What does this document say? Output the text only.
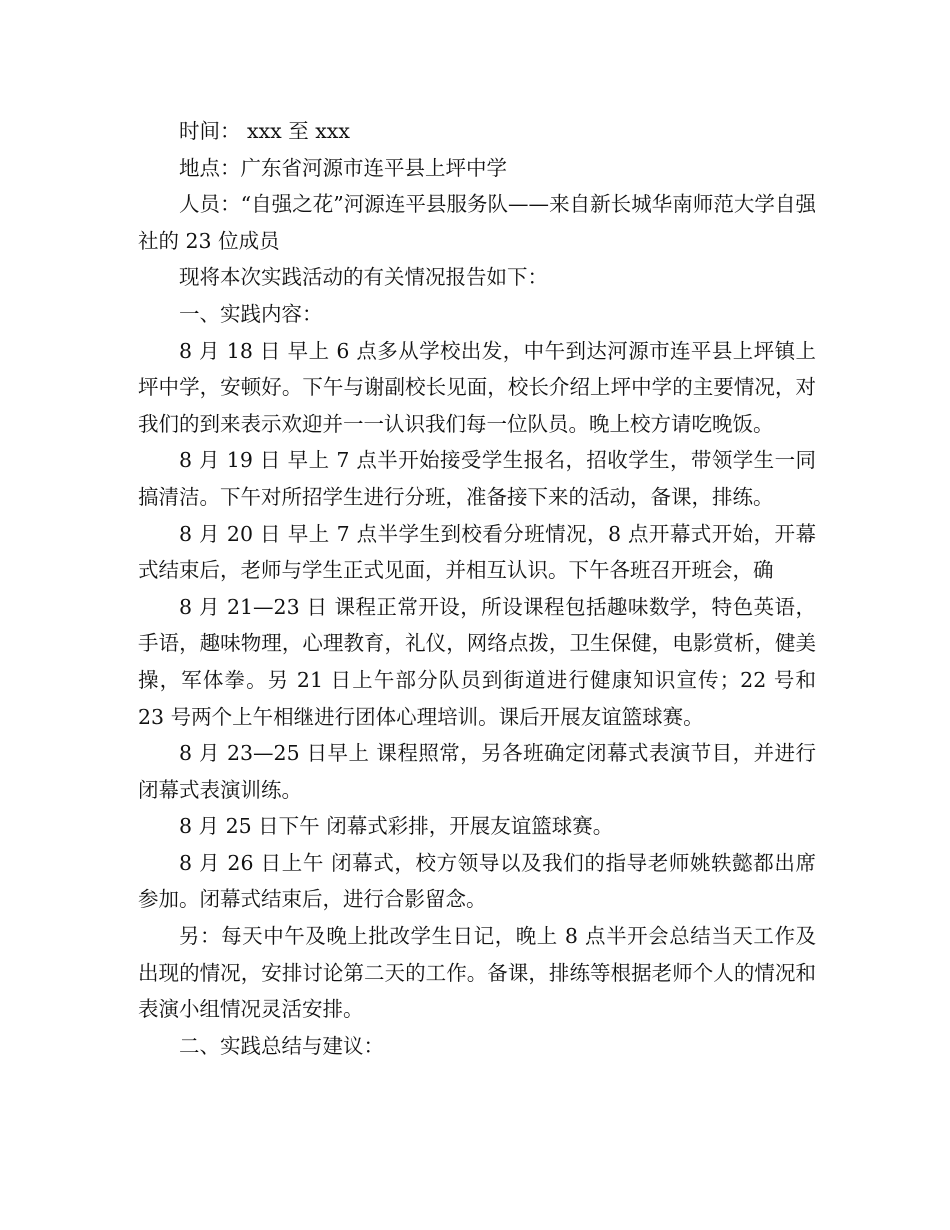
时间： xxx 至 xxx

地点：广东省河源市连平县上坪中学

人员：“自强之花”河源连平县服务队——来自新长城华南师范大学自强社的 23 位成员

现将本次实践活动的有关情况报告如下：

一、实践内容：

8 月 18 日 早上 6 点多从学校出发，中午到达河源市连平县上坪镇上坪中学，安顿好。下午与谢副校长见面，校长介绍上坪中学的主要情况，对我们的到来表示欢迎并一一认识我们每一位队员。晚上校方请吃晚饭。

8 月 19 日 早上 7 点半开始接受学生报名，招收学生，带领学生一同搞清洁。下午对所招学生进行分班，准备接下来的活动，备课，排练。

8 月 20 日 早上 7 点半学生到校看分班情况，8 点开幕式开始，开幕式结束后，老师与学生正式见面，并相互认识。下午各班召开班会，确

8 月 21—23 日 课程正常开设，所设课程包括趣味数学，特色英语，手语，趣味物理，心理教育，礼仪，网络点拨，卫生保健，电影赏析，健美操，军体拳。另 21 日上午部分队员到街道进行健康知识宣传；22 号和 23 号两个上午相继进行团体心理培训。课后开展友谊篮球赛。

8 月 23—25 日早上 课程照常，另各班确定闭幕式表演节目，并进行闭幕式表演训练。

8 月 25 日下午 闭幕式彩排，开展友谊篮球赛。

8 月 26 日上午 闭幕式，校方领导以及我们的指导老师姚轶懿都出席参加。闭幕式结束后，进行合影留念。

另：每天中午及晚上批改学生日记，晚上 8 点半开会总结当天工作及出现的情况，安排讨论第二天的工作。备课，排练等根据老师个人的情况和表演小组情况灵活安排。

二、实践总结与建议：
